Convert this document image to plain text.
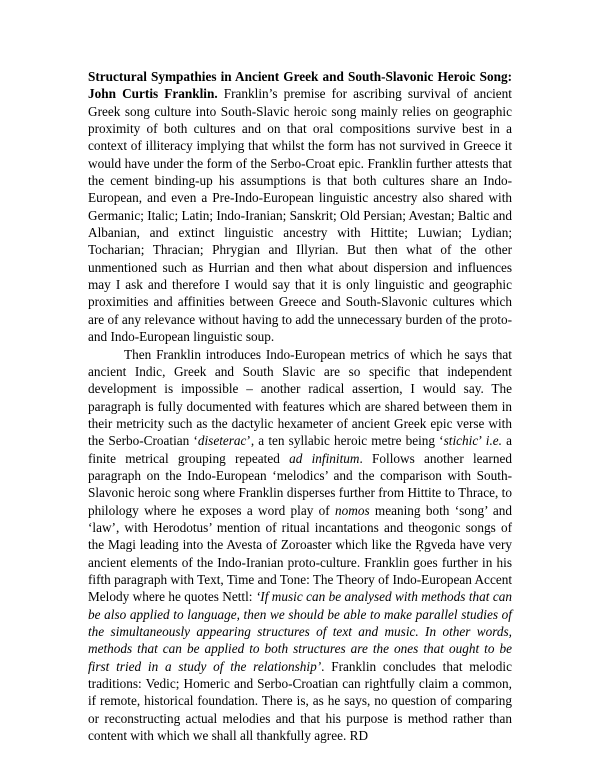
Structural Sympathies in Ancient Greek and South-Slavonic Heroic Song: John Curtis Franklin. Franklin’s premise for ascribing survival of ancient Greek song culture into South-Slavic heroic song mainly relies on geographic proximity of both cultures and on that oral compositions survive best in a context of illiteracy implying that whilst the form has not survived in Greece it would have under the form of the Serbo-Croat epic. Franklin further attests that the cement binding-up his assumptions is that both cultures share an Indo-European, and even a Pre-Indo-European linguistic ancestry also shared with Germanic; Italic; Latin; Indo-Iranian; Sanskrit; Old Persian; Avestan; Baltic and Albanian, and extinct linguistic ancestry with Hittite; Luwian; Lydian; Tocharian; Thracian; Phrygian and Illyrian. But then what of the other unmentioned such as Hurrian and then what about dispersion and influences may I ask and therefore I would say that it is only linguistic and geographic proximities and affinities between Greece and South-Slavonic cultures which are of any relevance without having to add the unnecessary burden of the proto- and Indo-European linguistic soup.

Then Franklin introduces Indo-European metrics of which he says that ancient Indic, Greek and South Slavic are so specific that independent development is impossible – another radical assertion, I would say. The paragraph is fully documented with features which are shared between them in their metricity such as the dactylic hexameter of ancient Greek epic verse with the Serbo-Croatian ‘diseterac’, a ten syllabic heroic metre being ‘stichic’ i.e. a finite metrical grouping repeated ad infinitum. Follows another learned paragraph on the Indo-European ‘melodics’ and the comparison with South-Slavonic heroic song where Franklin disperses further from Hittite to Thrace, to philology where he exposes a word play of nomos meaning both ‘song’ and ‘law’, with Herodotus’ mention of ritual incantations and theogonic songs of the Magi leading into the Avesta of Zoroaster which like the Ṛgveda have very ancient elements of the Indo-Iranian proto-culture. Franklin goes further in his fifth paragraph with Text, Time and Tone: The Theory of Indo-European Accent Melody where he quotes Nettl: ‘If music can be analysed with methods that can be also applied to language, then we should be able to make parallel studies of the simultaneously appearing structures of text and music. In other words, methods that can be applied to both structures are the ones that ought to be first tried in a study of the relationship’. Franklin concludes that melodic traditions: Vedic; Homeric and Serbo-Croatian can rightfully claim a common, if remote, historical foundation. There is, as he says, no question of comparing or reconstructing actual melodies and that his purpose is method rather than content with which we shall all thankfully agree. RD
